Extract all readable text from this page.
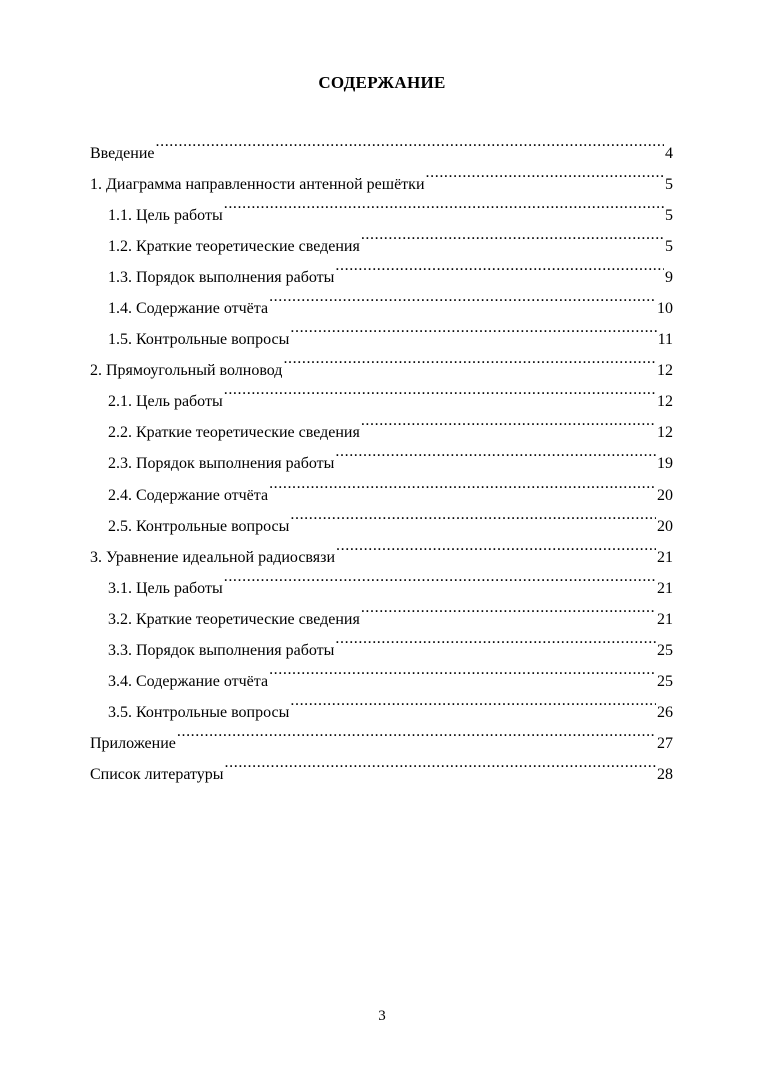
СОДЕРЖАНИЕ
Введение .....	4
1. Диаграмма направленности антенной решётки .....	5
1.1. Цель работы .....	5
1.2. Краткие теоретические сведения .....	5
1.3. Порядок выполнения работы .....	9
1.4. Содержание отчёта .....	10
1.5. Контрольные вопросы .....	11
2. Прямоугольный волновод .....	12
2.1. Цель работы .....	12
2.2. Краткие теоретические сведения .....	12
2.3. Порядок выполнения работы .....	19
2.4. Содержание отчёта .....	20
2.5. Контрольные вопросы .....	20
3. Уравнение идеальной радиосвязи .....	21
3.1. Цель работы .....	21
3.2. Краткие теоретические сведения .....	21
3.3. Порядок выполнения работы .....	25
3.4. Содержание отчёта .....	25
3.5. Контрольные вопросы .....	26
Приложение .....	27
Список литературы .....	28
3
